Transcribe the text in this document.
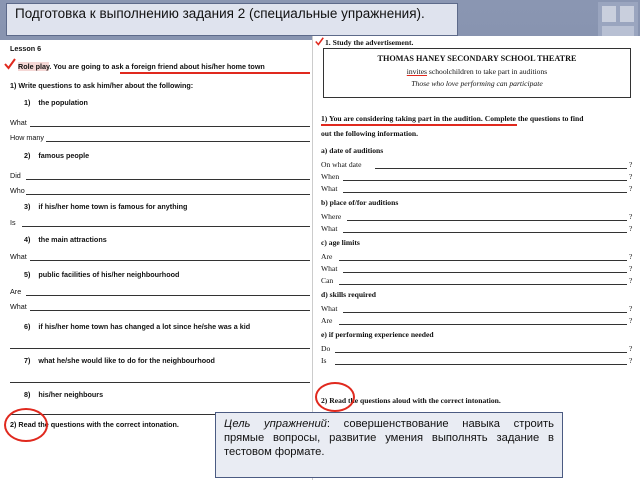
Подготовка к выполнению задания 2 (специальные упражнения).
Lesson 6
Role play. You are going to ask a foreign friend about his/her home town
1) Write questions to ask him/her about the following:
1) the population
What
How many
2) famous people
Did
Who
3) if his/her home town is famous for anything
Is
4) the main attractions
What
5) public facilities of his/her neighbourhood
Are
What
6) if his/her home town has changed a lot since he/she was a kid
7) what he/she would like to do for the neighbourhood
8) his/her neighbours
2) Read the questions with the correct intonation.
1. Study the advertisement.
THOMAS HANEY SECONDARY SCHOOL THEATRE
invites schoolchildren to take part in auditions
Those who love performing can participate
1) You are considering taking part in the audition. Complete the questions to find
out the following information.
a) date of auditions
On what date	?
When	?
What	?
b) place of/for auditions
Where	?
What	?
c) age limits
Are	?
What	?
Can	?
d) skills required
What	?
Are	?
e) if performing experience needed
Do	?
Is	?
2) Read the questions aloud with the correct intonation.
Цель упражнений: совершенствование навыка строить прямые вопросы, развитие умения выполнять задание в тестовом формате.
